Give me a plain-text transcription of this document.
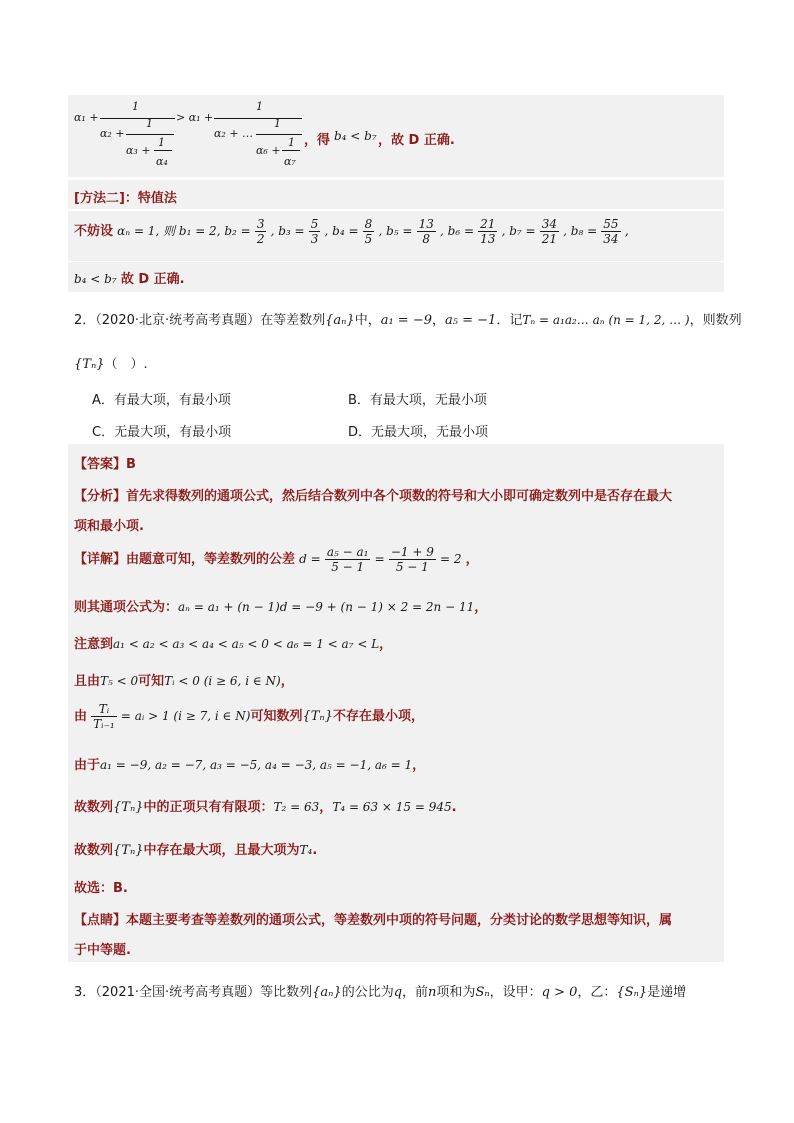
α₁ +
1
α₂ +
1
α₃ +
1
α₄
> α₁ +
1
α₂ + …
1
α₆ +
1
α₇
，得 b₄ < b₇ ，故 D 正确.
[方法二]：特值法
不妨设 αₙ = 1, 则 b₁ = 2, $b_2 = \frac{3}{2}$ , $b_3 = \frac{5}{3}$ , $b_4 = \frac{8}{5}$ , $b_5 = \frac{13}{8}$ , $b_6 = \frac{21}{13}$ , $b_7 = \frac{34}{21}$ , $b_8 = \frac{55}{34}$ ,
b₄ < b₇ 故 D 正确.
2．（2020·北京·统考高考真题）在等差数列{aₙ}中，a₁ = −9，a₅ = −1．记Tₙ = a₁a₂… aₙ (n = 1, 2, … )，则数列
{Tₙ}（　）.
A．有最大项，有最小项	B．有最大项，无最小项
C．无最大项，有最小项	D．无最大项，无最小项
【答案】B
【分析】首先求得数列的通项公式，然后结合数列中各个项数的符号和大小即可确定数列中是否存在最大
项和最小项.
【详解】由题意可知，等差数列的公差 $d = \frac{\text{a₅ − a₁}}{5 - 1} = \frac{-1 + 9}{5 - 1} = 2$ ，
则其通项公式为：aₙ = a₁ + (n − 1)d = −9 + (n − 1) × 2 = 2n − 11，
注意到a₁ < a₂ < a₃ < a₄ < a₅ < 0 < a₆ = 1 < a₇ < L，
且由T₅ < 0可知Tᵢ < 0 (i ≥ 6, i ∈ N)，
由 $\frac{\text{Tᵢ}}{\text{Tᵢ₋₁}}$ = aᵢ > 1 (i ≥ 7, i ∈ N)可知数列{Tₙ}不存在最小项，
由于a₁ = −9, a₂ = −7, a₃ = −5, a₄ = −3, a₅ = −1, a₆ = 1，
故数列{Tₙ}中的正项只有有限项：T₂ = 63，T₄ = 63 × 15 = 945.
故数列{Tₙ}中存在最大项，且最大项为T₄.
故选：B.
【点睛】本题主要考查等差数列的通项公式，等差数列中项的符号问题，分类讨论的数学思想等知识，属
于中等题.
3．（2021·全国·统考高考真题）等比数列{aₙ}的公比为q，前n项和为Sₙ，设甲：q > 0，乙：{Sₙ}是递增
